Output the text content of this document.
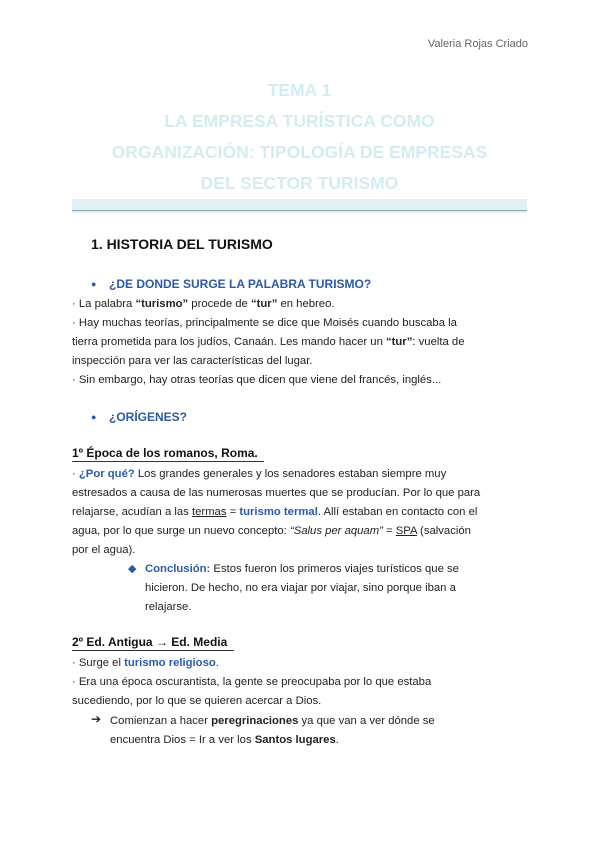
Valeria Rojas Criado
TEMA 1
LA EMPRESA TURÍSTICA COMO
ORGANIZACIÓN: TIPOLOGÍA DE EMPRESAS
DEL SECTOR TURISMO
1. HISTORIA DEL TURISMO
● ¿DE DONDE SURGE LA PALABRA TURISMO?
· La palabra “turismo” procede de “tur” en hebreo.
· Hay muchas teorías, principalmente se dice que Moisés cuando buscaba la
tierra prometida para los judíos, Canaán. Les mando hacer un “tur”: vuelta de
inspección para ver las características del lugar.
· Sin embargo, hay otras teorías que dicen que viene del francés, inglés...
● ¿ORÍGENES?
1º Época de los romanos, Roma.
· ¿Por qué? Los grandes generales y los senadores estaban siempre muy
estresados a causa de las numerosas muertes que se producían. Por lo que para
relajarse, acudían a las termas = turismo termal. Allí estaban en contacto con el
agua, por lo que surge un nuevo concepto: “Salus per aquam” = SPA (salvación
por el agua).
◆ Conclusión: Estos fueron los primeros viajes turísticos que se
hicieron. De hecho, no era viajar por viajar, sino porque iban a
relajarse.
2º Ed. Antigua → Ed. Media
· Surge el turismo religioso.
· Era una época oscurantista, la gente se preocupaba por lo que estaba
sucediendo, por lo que se quieren acercar a Dios.
➔ Comienzan a hacer peregrinaciones ya que van a ver dónde se
encuentra Dios = Ir a ver los Santos lugares.
